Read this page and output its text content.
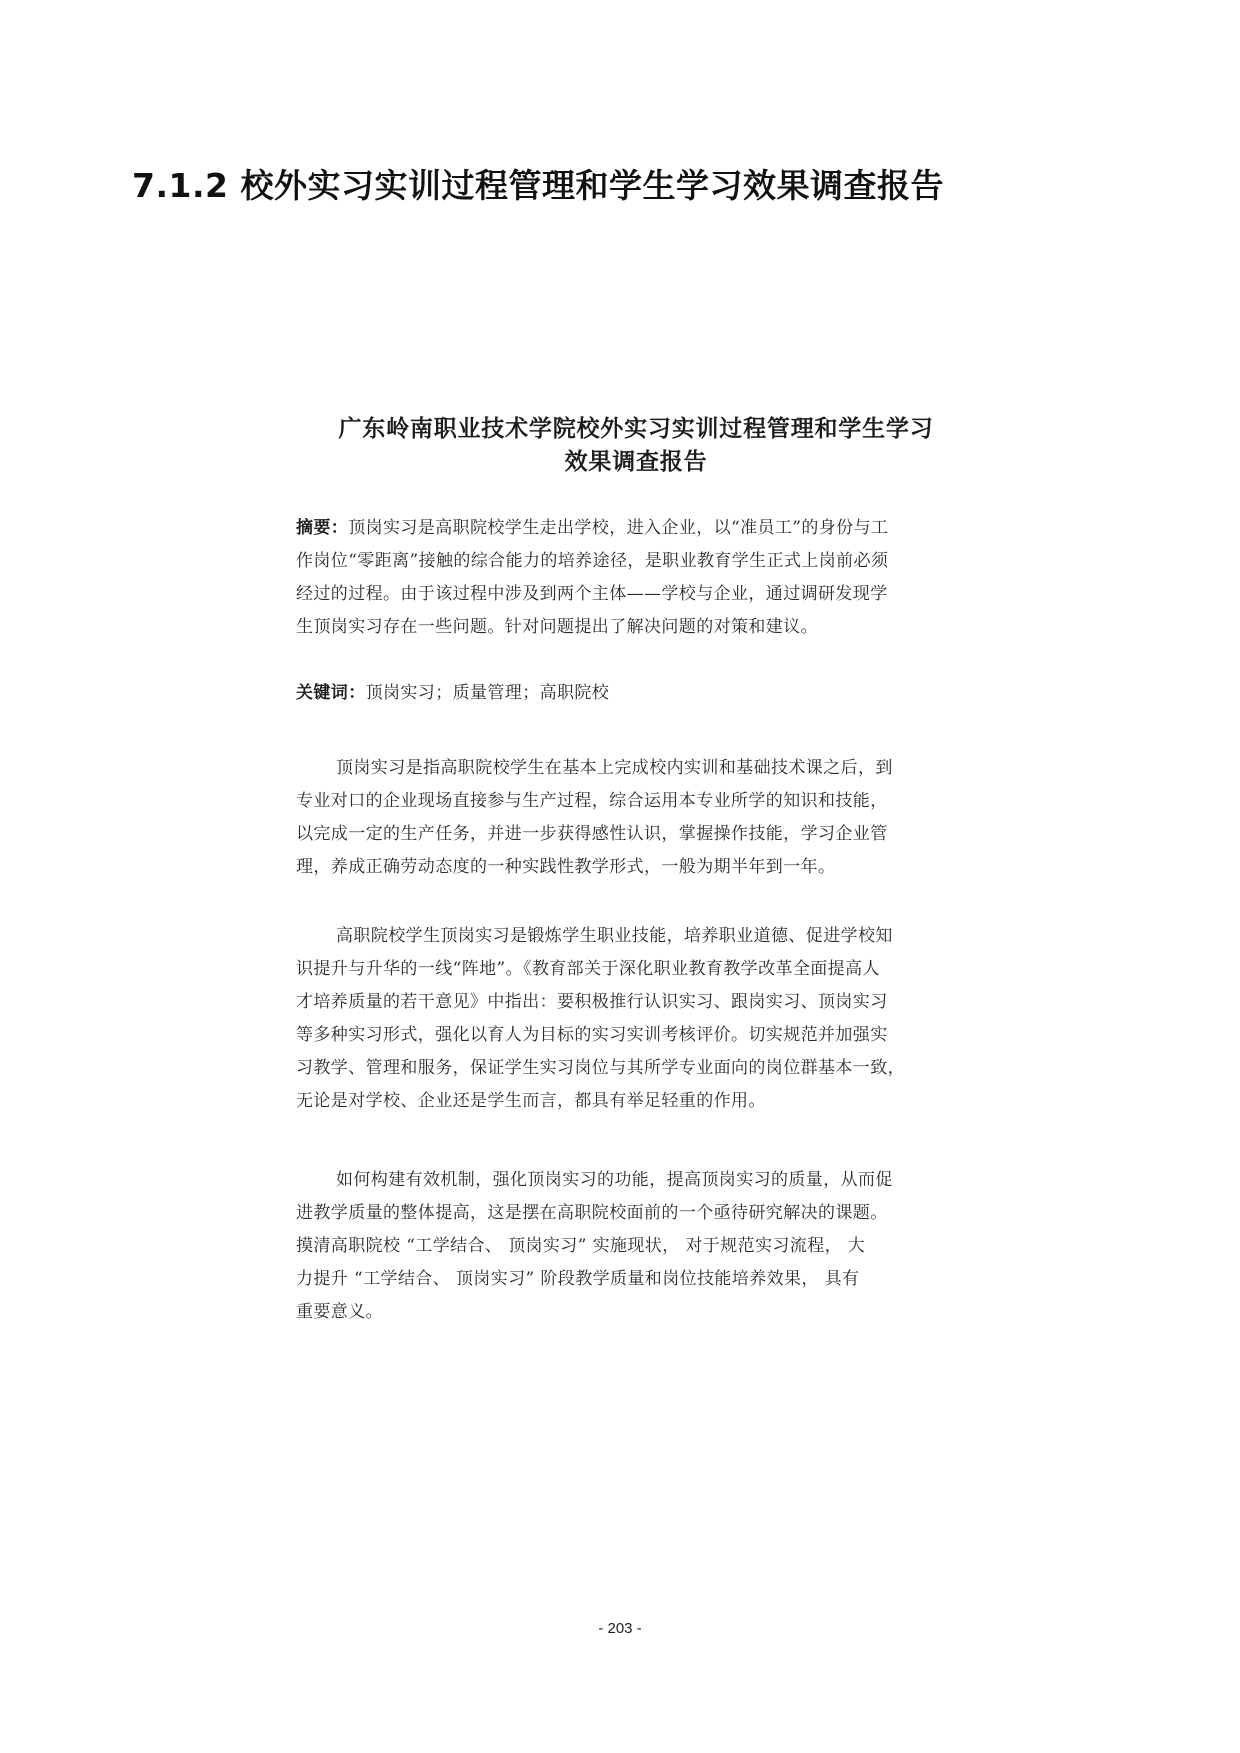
7.1.2 校外实习实训过程管理和学生学习效果调查报告
广东岭南职业技术学院校外实习实训过程管理和学生学习
效果调查报告
摘要：顶岗实习是高职院校学生走出学校，进入企业，以“准员工”的身份与工
作岗位“零距离”接触的综合能力的培养途径，是职业教育学生正式上岗前必须
经过的过程。由于该过程中涉及到两个主体——学校与企业，通过调研发现学
生顶岗实习存在一些问题。针对问题提出了解决问题的对策和建议。
关键词：顶岗实习；质量管理；高职院校
顶岗实习是指高职院校学生在基本上完成校内实训和基础技术课之后，到
专业对口的企业现场直接参与生产过程，综合运用本专业所学的知识和技能，
以完成一定的生产任务，并进一步获得感性认识，掌握操作技能，学习企业管
理，养成正确劳动态度的一种实践性教学形式，一般为期半年到一年。
高职院校学生顶岗实习是锻炼学生职业技能，培养职业道德、促进学校知
识提升与升华的一线“阵地”。《教育部关于深化职业教育教学改革全面提高人
才培养质量的若干意见》中指出：要积极推行认识实习、跟岗实习、顶岗实习
等多种实习形式，强化以育人为目标的实习实训考核评价。切实规范并加强实
习教学、管理和服务，保证学生实习岗位与其所学专业面向的岗位群基本一致，
无论是对学校、企业还是学生而言，都具有举足轻重的作用。
如何构建有效机制，强化顶岗实习的功能，提高顶岗实习的质量，从而促
进教学质量的整体提高，这是摆在高职院校面前的一个亟待研究解决的课题。
摸清高职院校 “工学结合、 顶岗实习” 实施现状， 对于规范实习流程， 大
力提升 “工学结合、 顶岗实习” 阶段教学质量和岗位技能培养效果， 具有
重要意义。
- 203 -
